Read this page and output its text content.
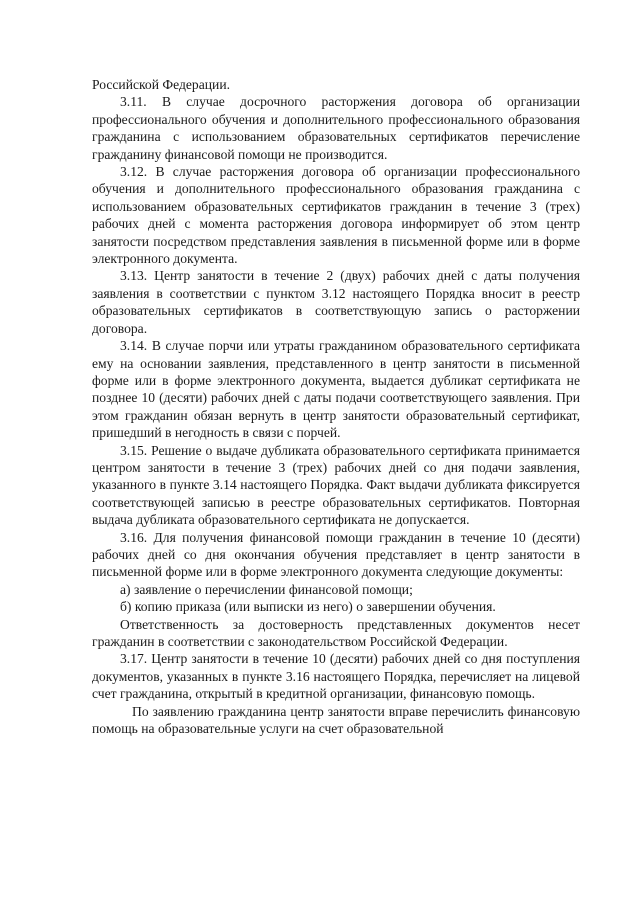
Российской Федерации.

3.11. В случае досрочного расторжения договора об организации профессионального обучения и дополнительного профессионального образования гражданина с использованием образовательных сертификатов перечисление гражданину финансовой помощи не производится.

3.12. В случае расторжения договора об организации профессионального обучения и дополнительного профессионального образования гражданина с использованием образовательных сертификатов гражданин в течение 3 (трех) рабочих дней с момента расторжения договора информирует об этом центр занятости посредством представления заявления в письменной форме или в форме электронного документа.

3.13. Центр занятости в течение 2 (двух) рабочих дней с даты получения заявления в соответствии с пунктом 3.12 настоящего Порядка вносит в реестр образовательных сертификатов в соответствующую запись о расторжении договора.

3.14. В случае порчи или утраты гражданином образовательного сертификата ему на основании заявления, представленного в центр занятости в письменной форме или в форме электронного документа, выдается дубликат сертификата не позднее 10 (десяти) рабочих дней с даты подачи соответствующего заявления. При этом гражданин обязан вернуть в центр занятости образовательный сертификат, пришедший в негодность в связи с порчей.

3.15. Решение о выдаче дубликата образовательного сертификата принимается центром занятости в течение 3 (трех) рабочих дней со дня подачи заявления, указанного в пункте 3.14 настоящего Порядка. Факт выдачи дубликата фиксируется соответствующей записью в реестре образовательных сертификатов. Повторная выдача дубликата образовательного сертификата не допускается.

3.16. Для получения финансовой помощи гражданин в течение 10 (десяти) рабочих дней со дня окончания обучения представляет в центр занятости в письменной форме или в форме электронного документа следующие документы:

а) заявление о перечислении финансовой помощи;

б) копию приказа (или выписки из него) о завершении обучения.

Ответственность за достоверность представленных документов несет гражданин в соответствии с законодательством Российской Федерации.

3.17. Центр занятости в течение 10 (десяти) рабочих дней со дня поступления документов, указанных в пункте 3.16 настоящего Порядка, перечисляет на лицевой счет гражданина, открытый в кредитной организации, финансовую помощь.

По заявлению гражданина центр занятости вправе перечислить финансовую помощь на образовательные услуги на счет образовательной
